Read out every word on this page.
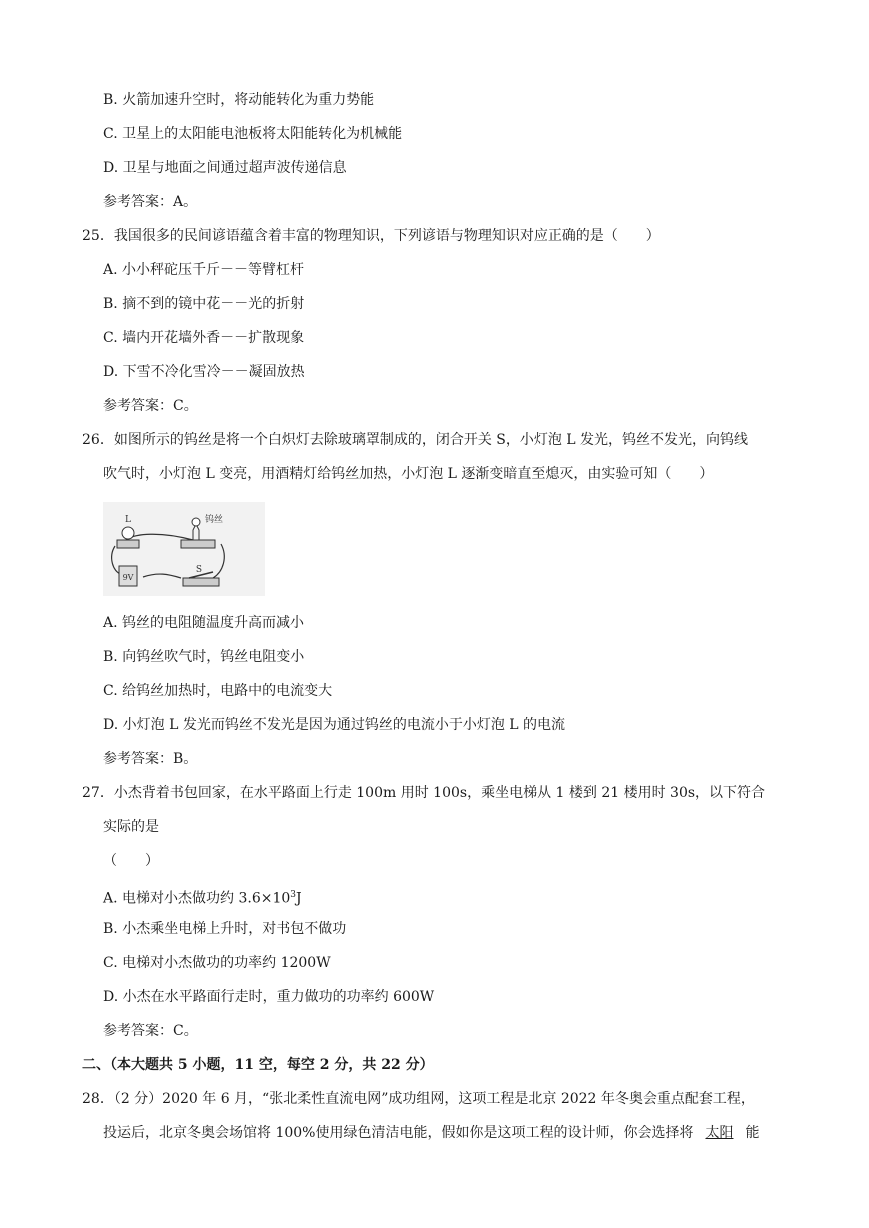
B. 火箭加速升空时，将动能转化为重力势能
C. 卫星上的太阳能电池板将太阳能转化为机械能
D. 卫星与地面之间通过超声波传递信息
参考答案：A。
25．我国很多的民间谚语蕴含着丰富的物理知识，下列谚语与物理知识对应正确的是（　　）
A. 小小秤砣压千斤－－等臂杠杆
B. 摘不到的镜中花－－光的折射
C. 墙内开花墙外香－－扩散现象
D. 下雪不冷化雪冷－－凝固放热
参考答案：C。
26．如图所示的钨丝是将一个白炽灯去除玻璃罩制成的，闭合开关 S，小灯泡 L 发光，钨丝不发光，向钨线
吹气时，小灯泡 L 变亮，用酒精灯给钨丝加热，小灯泡 L 逐渐变暗直至熄灭，由实验可知（　　）
L	钨丝
9V
S
A. 钨丝的电阻随温度升高而减小
B. 向钨丝吹气时，钨丝电阻变小
C. 给钨丝加热时，电路中的电流变大
D. 小灯泡 L 发光而钨丝不发光是因为通过钨丝的电流小于小灯泡 L 的电流
参考答案：B。
27．小杰背着书包回家，在水平路面上行走 100m 用时 100s，乘坐电梯从 1 楼到 21 楼用时 30s，以下符合
实际的是
（　　）
A. 电梯对小杰做功约 $3.6\times 10^3J$
B. 小杰乘坐电梯上升时，对书包不做功
C. 电梯对小杰做功的功率约 1200W
D. 小杰在水平路面行走时，重力做功的功率约 600W
参考答案：C。
二、（本大题共 5 小题，11 空，每空 2 分，共 22 分）
28．（2 分）2020 年 6 月，“张北柔性直流电网”成功组网，这项工程是北京 2022 年冬奥会重点配套工程，
投运后，北京冬奥会场馆将 100%使用绿色清洁电能，假如你是这项工程的设计师，你会选择将 太阳 能
